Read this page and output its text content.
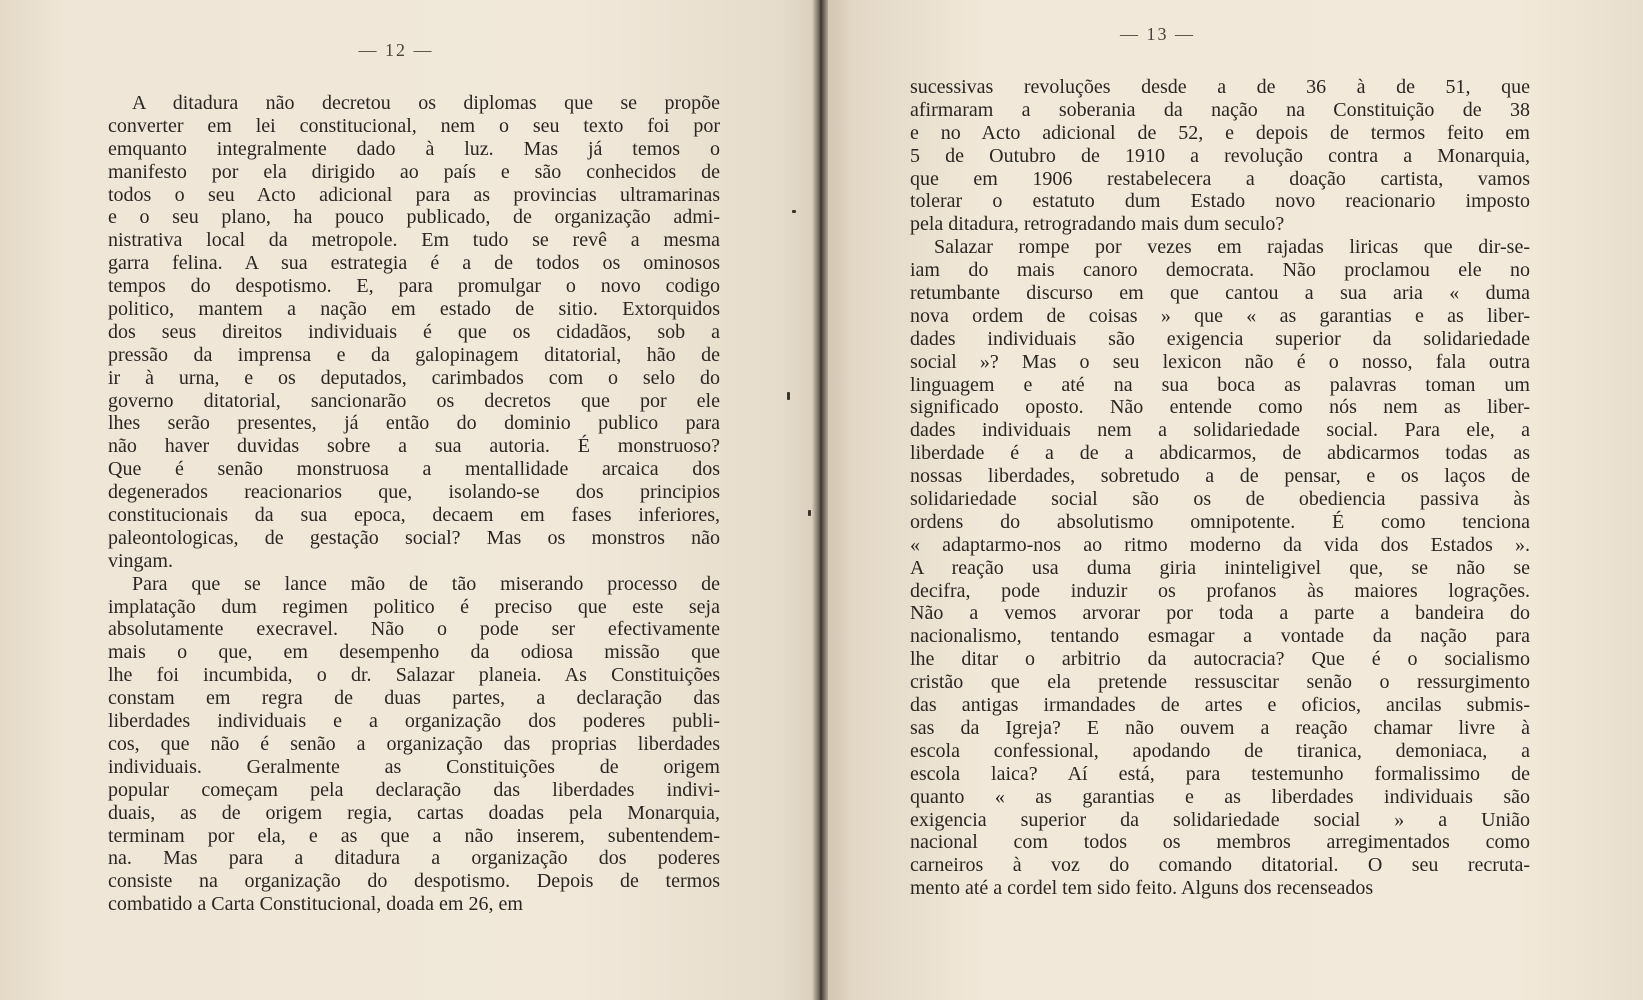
— 12 —
A ditadura não decretou os diplomas que se propõe
converter em lei constitucional, nem o seu texto foi por
emquanto integralmente dado à luz. Mas já temos o
manifesto por ela dirigido ao país e são conhecidos de
todos o seu Acto adicional para as provincias ultramarinas
e o seu plano, ha pouco publicado, de organização admi-
nistrativa local da metropole. Em tudo se revê a mesma
garra felina. A sua estrategia é a de todos os ominosos
tempos do despotismo. E, para promulgar o novo codigo
politico, mantem a nação em estado de sitio. Extorquidos
dos seus direitos individuais é que os cidadãos, sob a
pressão da imprensa e da galopinagem ditatorial, hão de
ir à urna, e os deputados, carimbados com o selo do
governo ditatorial, sancionarão os decretos que por ele
lhes serão presentes, já então do dominio publico para
não haver duvidas sobre a sua autoria. É monstruoso?
Que é senão monstruosa a mentallidade arcaica dos
degenerados reacionarios que, isolando-se dos principios
constitucionais da sua epoca, decaem em fases inferiores,
paleontologicas, de gestação social? Mas os monstros não
vingam.
Para que se lance mão de tão miserando processo de
implatação dum regimen politico é preciso que este seja
absolutamente execravel. Não o pode ser efectivamente
mais o que, em desempenho da odiosa missão que
lhe foi incumbida, o dr. Salazar planeia. As Constituições
constam em regra de duas partes, a declaração das
liberdades individuais e a organização dos poderes publi-
cos, que não é senão a organização das proprias liberdades
individuais. Geralmente as Constituições de origem
popular começam pela declaração das liberdades indivi-
duais, as de origem regia, cartas doadas pela Monarquia,
terminam por ela, e as que a não inserem, subentendem-
na. Mas para a ditadura a organização dos poderes
consiste na organização do despotismo. Depois de termos
combatido a Carta Constitucional, doada em 26, em
— 13 —
sucessivas revoluções desde a de 36 à de 51, que
afirmaram a soberania da nação na Constituição de 38
e no Acto adicional de 52, e depois de termos feito em
5 de Outubro de 1910 a revolução contra a Monarquia,
que em 1906 restabelecera a doação cartista, vamos
tolerar o estatuto dum Estado novo reacionario imposto
pela ditadura, retrogradando mais dum seculo?
Salazar rompe por vezes em rajadas liricas que dir-se-
iam do mais canoro democrata. Não proclamou ele no
retumbante discurso em que cantou a sua aria « duma
nova ordem de coisas » que « as garantias e as liber-
dades individuais são exigencia superior da solidariedade
social »? Mas o seu lexicon não é o nosso, fala outra
linguagem e até na sua boca as palavras toman um
significado oposto. Não entende como nós nem as liber-
dades individuais nem a solidariedade social. Para ele, a
liberdade é a de a abdicarmos, de abdicarmos todas as
nossas liberdades, sobretudo a de pensar, e os laços de
solidariedade social são os de obediencia passiva às
ordens do absolutismo omnipotente. É como tenciona
« adaptarmo-nos ao ritmo moderno da vida dos Estados ».
A reação usa duma giria ininteligivel que, se não se
decifra, pode induzir os profanos às maiores lograções.
Não a vemos arvorar por toda a parte a bandeira do
nacionalismo, tentando esmagar a vontade da nação para
lhe ditar o arbitrio da autocracia? Que é o socialismo
cristão que ela pretende ressuscitar senão o ressurgimento
das antigas irmandades de artes e oficios, ancilas submis-
sas da Igreja? E não ouvem a reação chamar livre à
escola confessional, apodando de tiranica, demoniaca, a
escola laica? Aí está, para testemunho formalissimo de
quanto « as garantias e as liberdades individuais são
exigencia superior da solidariedade social » a União
nacional com todos os membros arregimentados como
carneiros à voz do comando ditatorial. O seu recruta-
mento até a cordel tem sido feito. Alguns dos recenseados
